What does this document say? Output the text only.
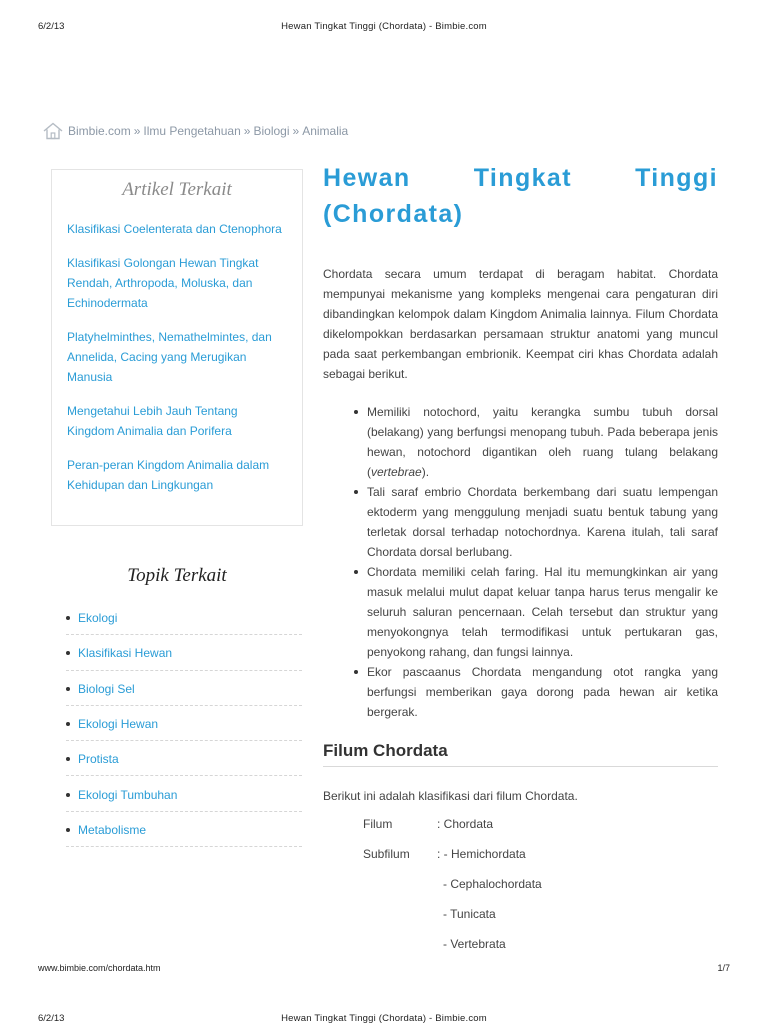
6/2/13	Hewan Tingkat Tinggi (Chordata) - Bimbie.com
Bimbie.com » Ilmu Pengetahuan » Biologi » Animalia
Artikel Terkait
Klasifikasi Coelenterata dan Ctenophora
Klasifikasi Golongan Hewan Tingkat Rendah, Arthropoda, Moluska, dan Echinodermata
Platyhelminthes, Nemathelmintes, dan Annelida, Cacing yang Merugikan Manusia
Mengetahui Lebih Jauh Tentang Kingdom Animalia dan Porifera
Peran-peran Kingdom Animalia dalam Kehidupan dan Lingkungan
Topik Terkait
Ekologi
Klasifikasi Hewan
Biologi Sel
Ekologi Hewan
Protista
Ekologi Tumbuhan
Metabolisme
Hewan	Tingkat	Tinggi
(Chordata)

Chordata secara umum terdapat di beragam habitat. Chordata mempunyai mekanisme yang kompleks mengenai cara pengaturan diri dibandingkan kelompok dalam Kingdom Animalia lainnya. Filum Chordata dikelompokkan berdasarkan persamaan struktur anatomi yang muncul pada saat perkembangan embrionik. Keempat ciri khas Chordata adalah sebagai berikut.

Memiliki notochord, yaitu kerangka sumbu tubuh dorsal (belakang) yang berfungsi menopang tubuh. Pada beberapa jenis hewan, notochord digantikan oleh ruang tulang belakang (vertebrae).
Tali saraf embrio Chordata berkembang dari suatu lempengan ektoderm yang menggulung menjadi suatu bentuk tabung yang terletak dorsal terhadap notochordnya. Karena itulah, tali saraf Chordata dorsal berlubang.
Chordata memiliki celah faring. Hal itu memungkinkan air yang masuk melalui mulut dapat keluar tanpa harus terus mengalir ke seluruh saluran pencernaan. Celah tersebut dan struktur yang menyokongnya telah termodifikasi untuk pertukaran gas, penyokong rahang, dan fungsi lainnya.
Ekor pascaanus Chordata mengandung otot rangka yang berfungsi memberikan gaya dorong pada hewan air ketika bergerak.
Filum Chordata

Berikut ini adalah klasifikasi dari filum Chordata.

Filum	: Chordata
Subfilum	: - Hemichordata
- Cephalochordata
- Tunicata
- Vertebrata
www.bimbie.com/chordata.htm	1/7
6/2/13	Hewan Tingkat Tinggi (Chordata) - Bimbie.com
